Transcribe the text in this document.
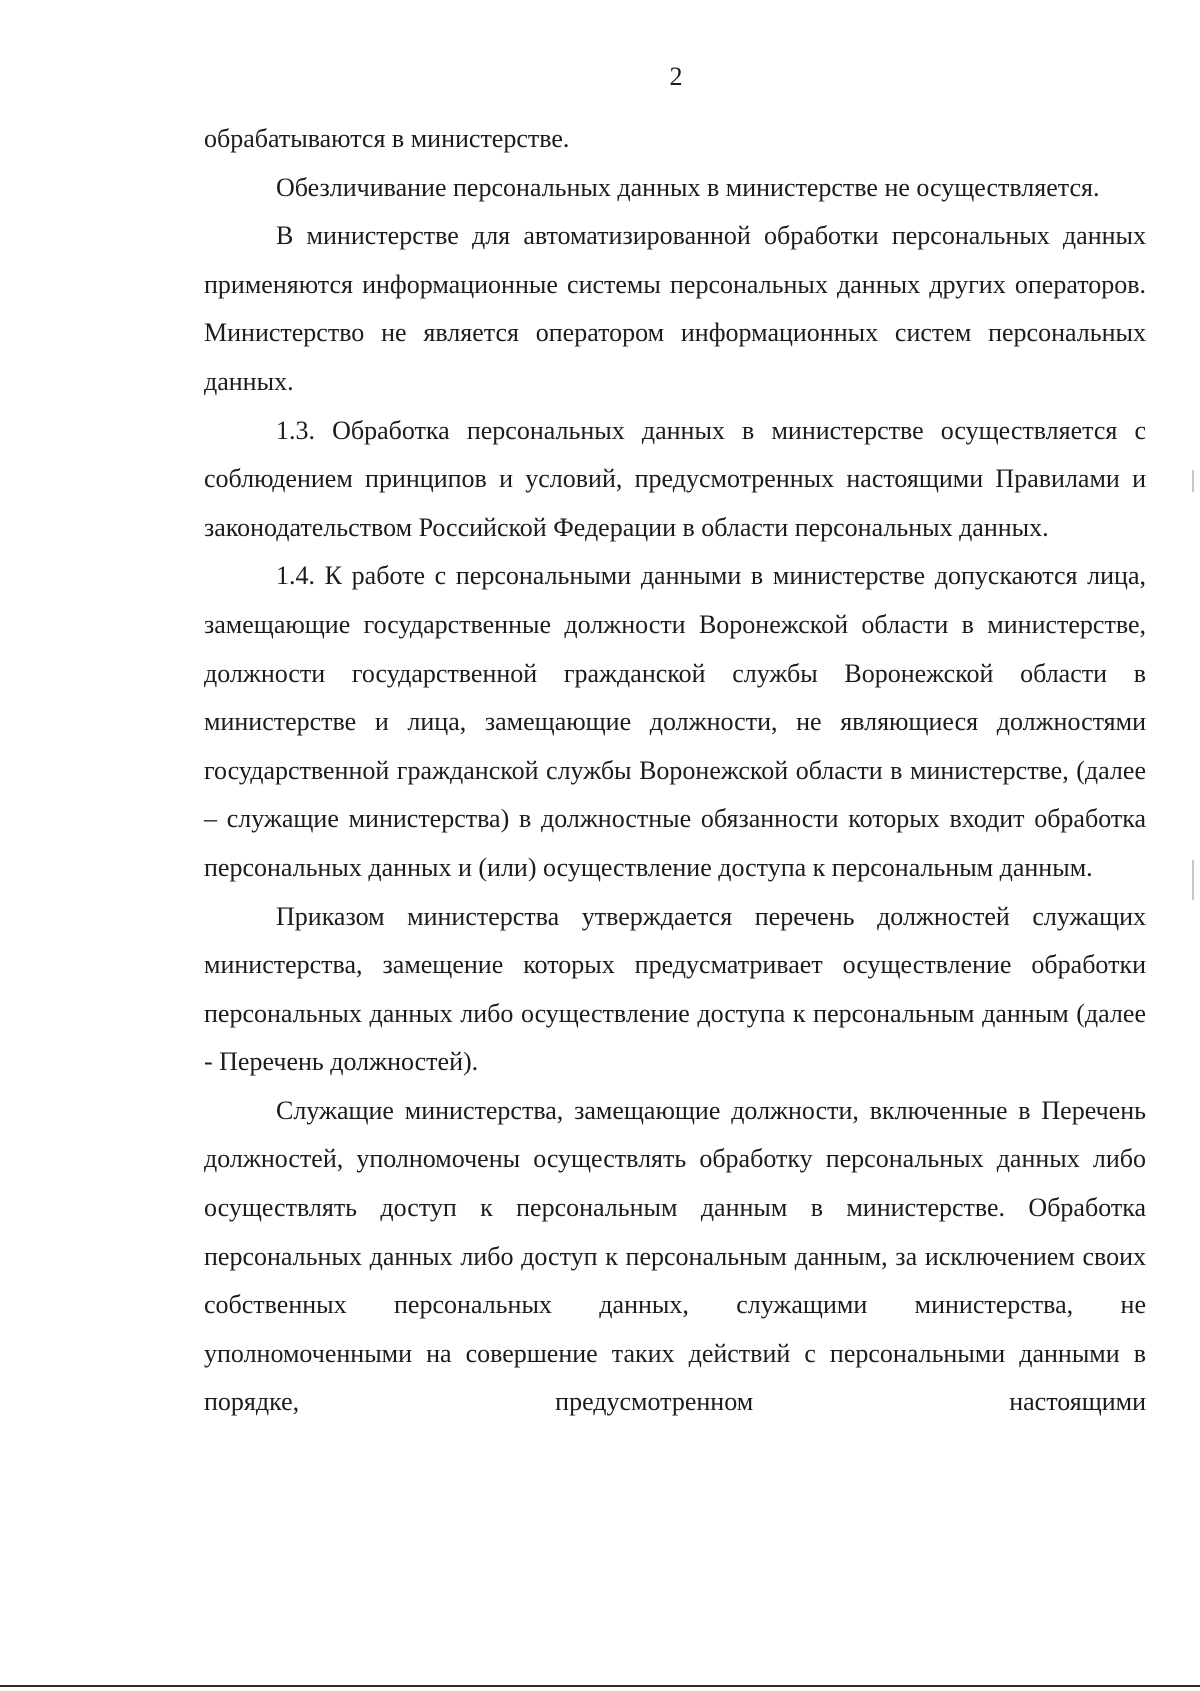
2

обрабатываются в министерстве.

Обезличивание персональных данных в министерстве не осуществляется.

В министерстве для автоматизированной обработки персональных данных применяются информационные системы персональных данных других операторов. Министерство не является оператором информационных систем персональных данных.

1.3. Обработка персональных данных в министерстве осуществляется с соблюдением принципов и условий, предусмотренных настоящими Правилами и законодательством Российской Федерации в области персональных данных.

1.4. К работе с персональными данными в министерстве допускаются лица, замещающие государственные должности Воронежской области в министерстве, должности государственной гражданской службы Воронежской области в министерстве и лица, замещающие должности, не являющиеся должностями государственной гражданской службы Воронежской области в министерстве, (далее – служащие министерства) в должностные обязанности которых входит обработка персональных данных и (или) осуществление доступа к персональным данным.

Приказом министерства утверждается перечень должностей служащих министерства, замещение которых предусматривает осуществление обработки персональных данных либо осуществление доступа к персональным данным (далее - Перечень должностей).

Служащие министерства, замещающие должности, включенные в Перечень должностей, уполномочены осуществлять обработку персональных данных либо осуществлять доступ к персональным данным в министерстве. Обработка персональных данных либо доступ к персональным данным, за исключением своих собственных персональных данных, служащими министерства, не уполномоченными на совершение таких действий с персональными данными в порядке, предусмотренном настоящими
